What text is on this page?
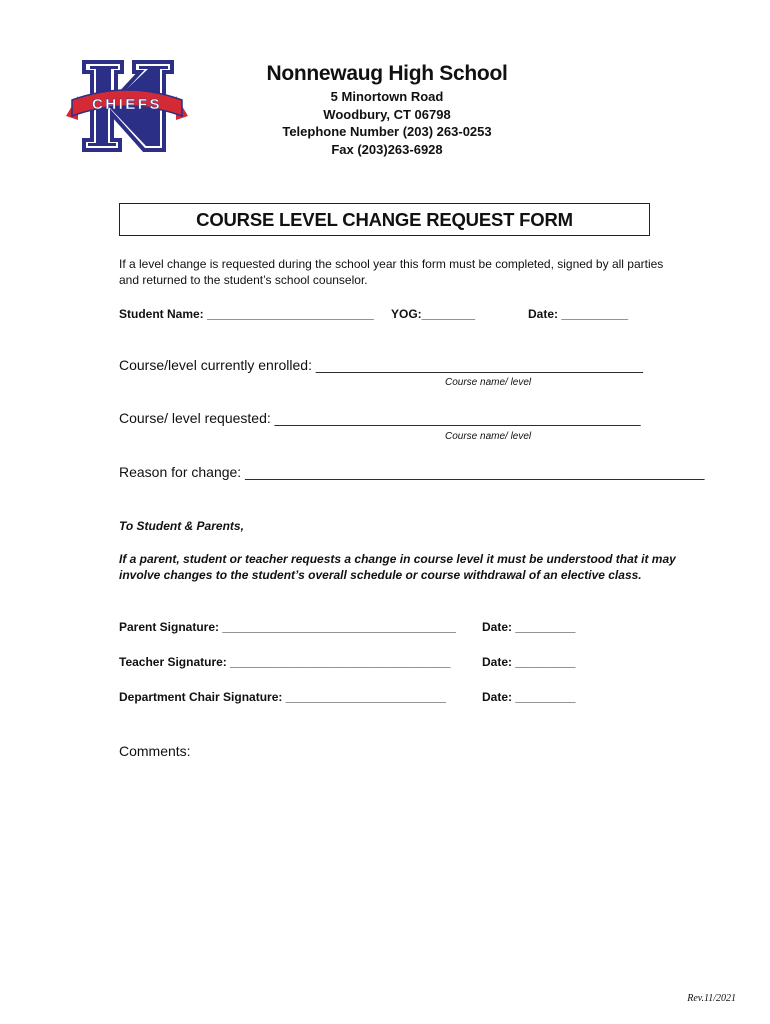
CHIEFS
Nonnewaug High School
5 Minortown Road
Woodbury, CT 06798
Telephone Number (203) 263-0253
Fax (203)263-6928
COURSE LEVEL CHANGE REQUEST FORM
If a level change is requested during the school year this form must be completed, signed by all parties and returned to the student’s school counselor.
Student Name: _________________________ YOG:________	Date: __________
Course/level currently enrolled: __________________________________________
Course name/ level
Course/ level requested: _______________________________________________
Course name/ level
Reason for change: ___________________________________________________________
To Student & Parents,
If a parent, student or teacher requests a change in course level it must be understood that it may involve changes to the student’s overall schedule or course withdrawal of an elective class.
Parent Signature: ___________________________________ Date: _________
Teacher Signature: _________________________________	Date: _________
Department Chair Signature: ________________________	Date: _________
Comments:
Rev.11/2021
